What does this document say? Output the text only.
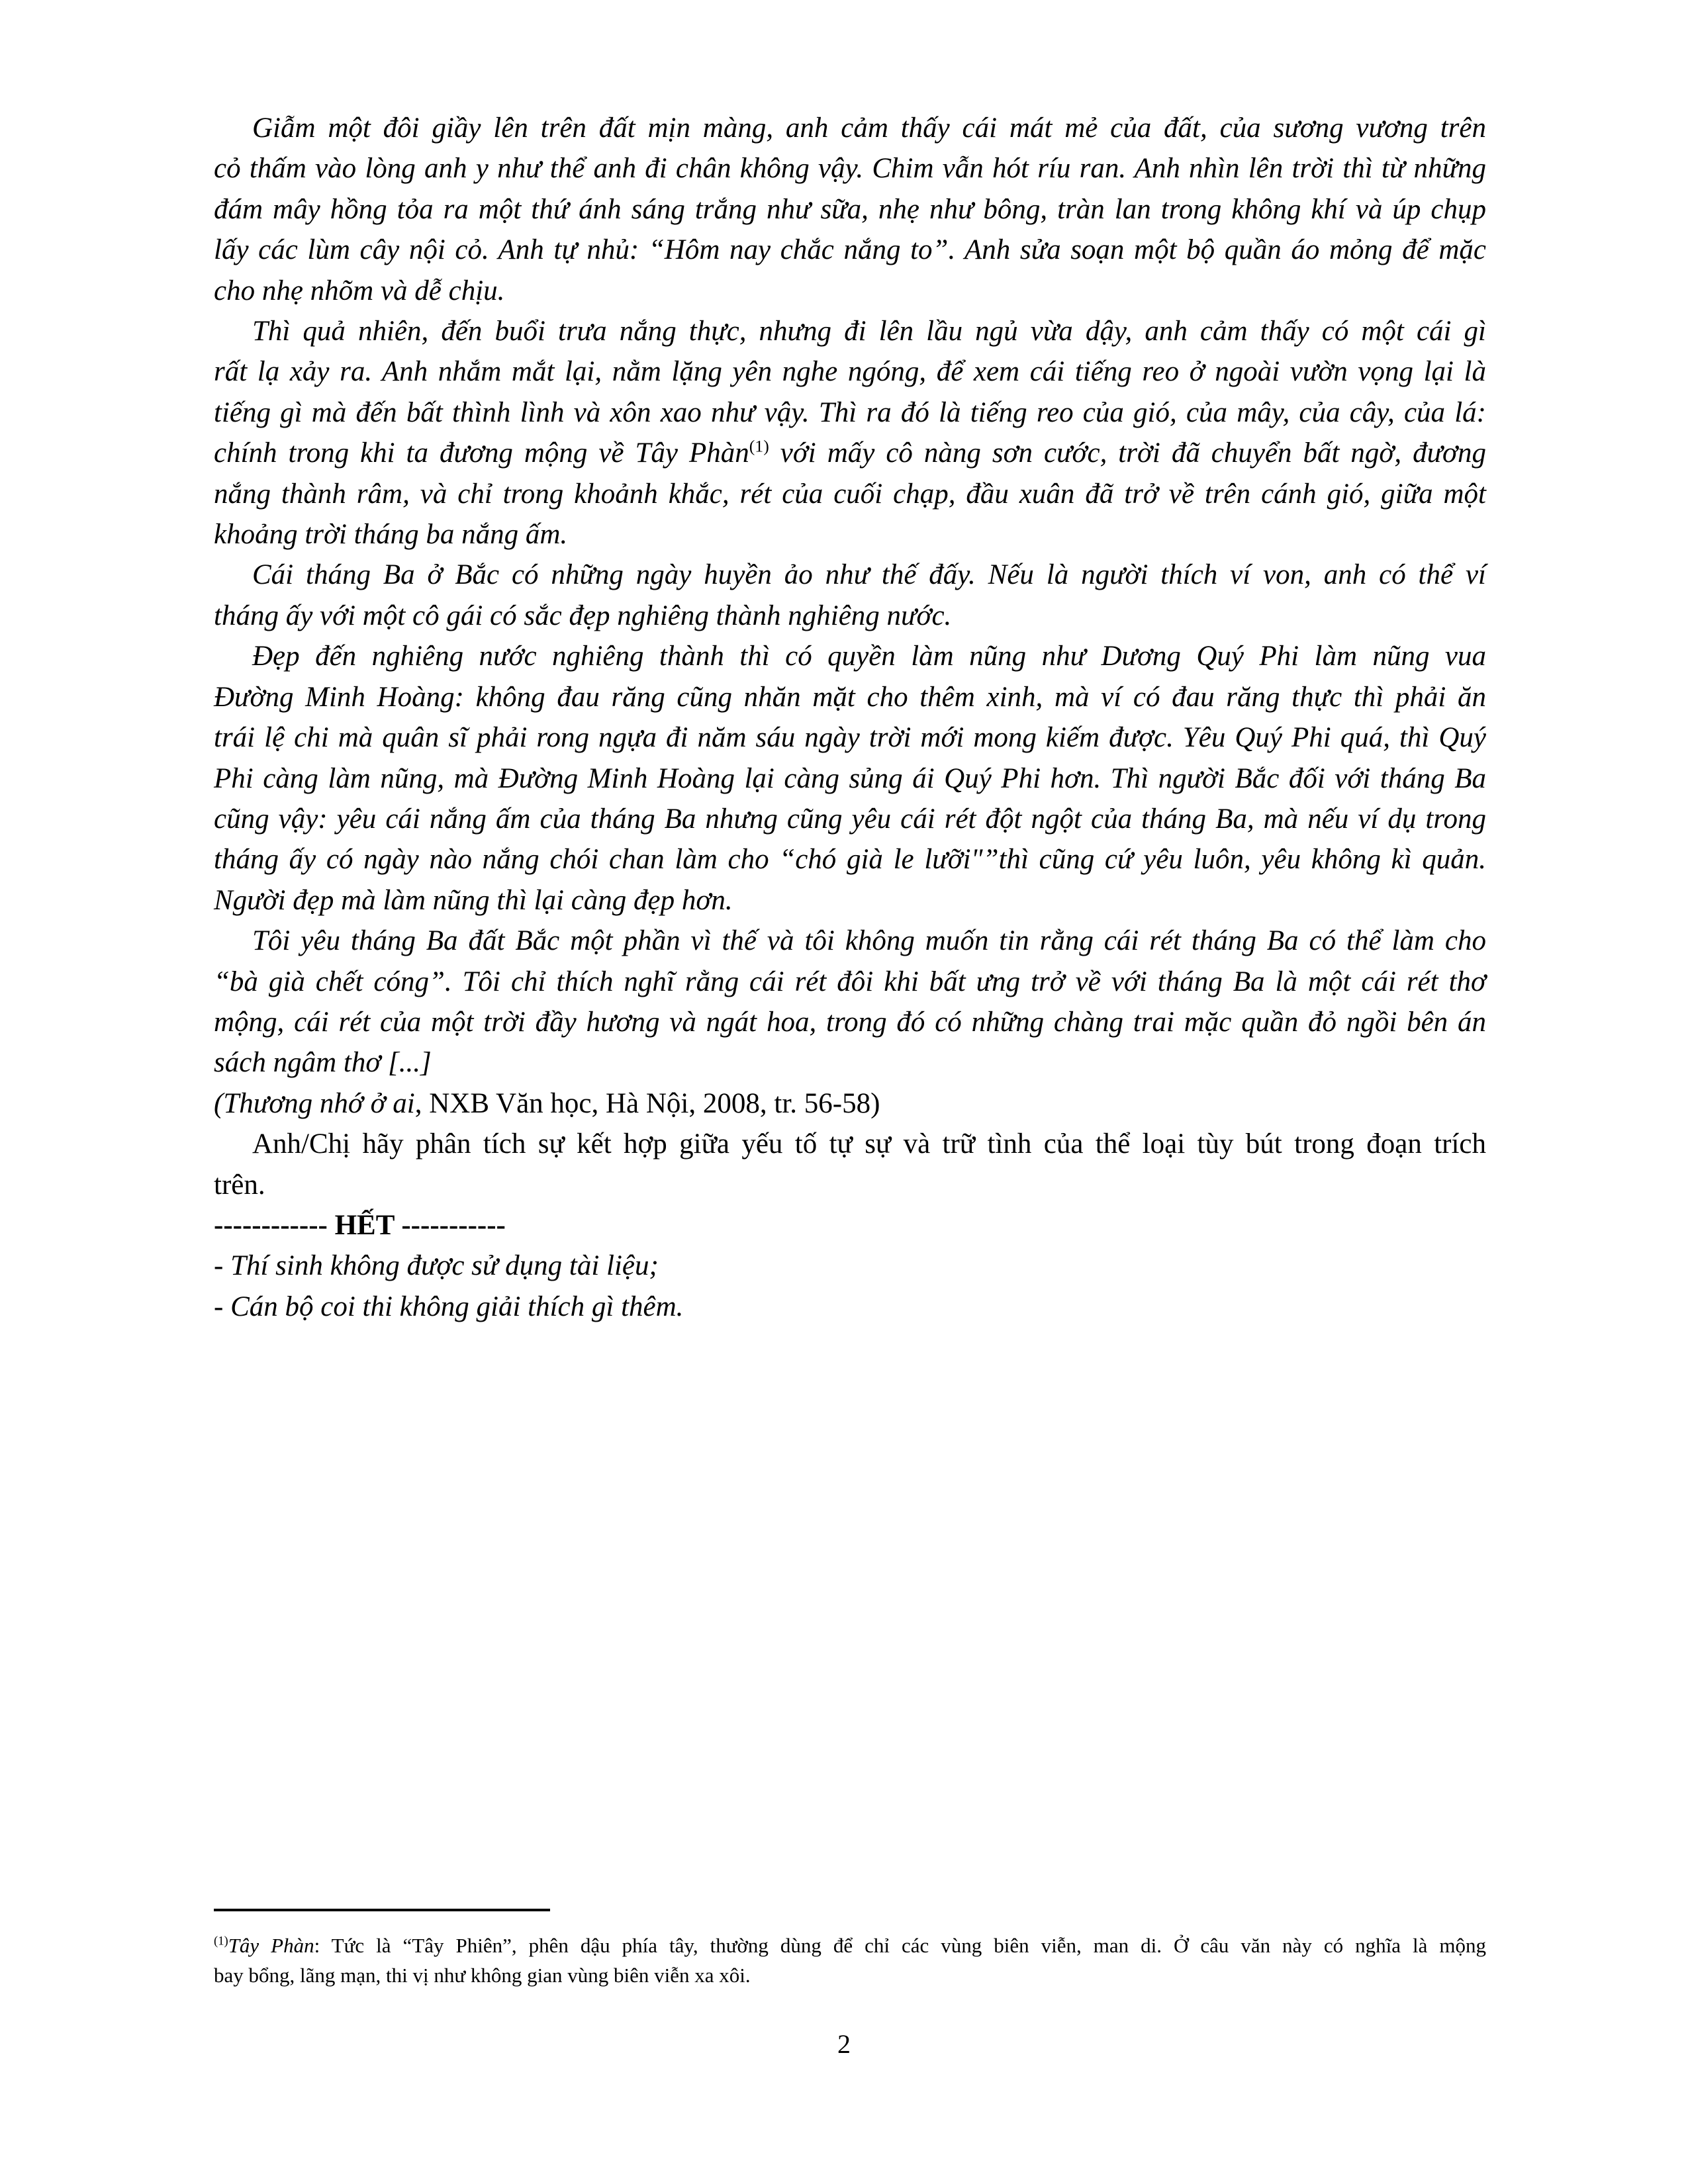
Giẫm một đôi giầy lên trên đất mịn màng, anh cảm thấy cái mát mẻ của đất, của sương vương trên
cỏ thấm vào lòng anh y như thể anh đi chân không vậy. Chim vẫn hót ríu ran. Anh nhìn lên trời thì từ những
đám mây hồng tỏa ra một thứ ánh sáng trắng như sữa, nhẹ như bông, tràn lan trong không khí và úp chụp
lấy các lùm cây nội cỏ. Anh tự nhủ: “Hôm nay chắc nắng to”. Anh sửa soạn một bộ quần áo mỏng để mặc
cho nhẹ nhõm và dễ chịu.
Thì quả nhiên, đến buổi trưa nắng thực, nhưng đi lên lầu ngủ vừa dậy, anh cảm thấy có một cái gì
rất lạ xảy ra. Anh nhắm mắt lại, nằm lặng yên nghe ngóng, để xem cái tiếng reo ở ngoài vườn vọng lại là
tiếng gì mà đến bất thình lình và xôn xao như vậy. Thì ra đó là tiếng reo của gió, của mây, của cây, của lá:
chính trong khi ta đương mộng về Tây Phàn$^{(1)}$ với mấy cô nàng sơn cước, trời đã chuyển bất ngờ, đương
nắng thành râm, và chỉ trong khoảnh khắc, rét của cuối chạp, đầu xuân đã trở về trên cánh gió, giữa một
khoảng trời tháng ba nắng ấm.
Cái tháng Ba ở Bắc có những ngày huyền ảo như thế đấy. Nếu là người thích ví von, anh có thể ví
tháng ấy với một cô gái có sắc đẹp nghiêng thành nghiêng nước.
Đẹp đến nghiêng nước nghiêng thành thì có quyền làm nũng như Dương Quý Phi làm nũng vua
Đường Minh Hoàng: không đau răng cũng nhăn mặt cho thêm xinh, mà ví có đau răng thực thì phải ăn
trái lệ chi mà quân sĩ phải rong ngựa đi năm sáu ngày trời mới mong kiếm được. Yêu Quý Phi quá, thì Quý
Phi càng làm nũng, mà Đường Minh Hoàng lại càng sủng ái Quý Phi hơn. Thì người Bắc đối với tháng Ba
cũng vậy: yêu cái nắng ấm của tháng Ba nhưng cũng yêu cái rét đột ngột của tháng Ba, mà nếu ví dụ trong
tháng ấy có ngày nào nắng chói chan làm cho “chó già le lưỡi"”thì cũng cứ yêu luôn, yêu không kì quản.
Người đẹp mà làm nũng thì lại càng đẹp hơn.
Tôi yêu tháng Ba đất Bắc một phần vì thế và tôi không muốn tin rằng cái rét tháng Ba có thể làm cho
“bà già chết cóng”. Tôi chỉ thích nghĩ rằng cái rét đôi khi bất ưng trở về với tháng Ba là một cái rét thơ
mộng, cái rét của một trời đầy hương và ngát hoa, trong đó có những chàng trai mặc quần đỏ ngồi bên án
sách ngâm thơ [...]
(Thương nhớ ở ai, NXB Văn học, Hà Nội, 2008, tr. 56-58)
Anh/Chị hãy phân tích sự kết hợp giữa yếu tố tự sự và trữ tình của thể loại tùy bút trong đoạn trích
trên.
------------ HẾT -----------
- Thí sinh không được sử dụng tài liệu;
- Cán bộ coi thi không giải thích gì thêm.
$^{(1)}$Tây Phàn: Tức là “Tây Phiên”, phên dậu phía tây, thường dùng để chỉ các vùng biên viễn, man di. Ở câu văn này có nghĩa là mộng
bay bổng, lãng mạn, thi vị như không gian vùng biên viễn xa xôi.
2
